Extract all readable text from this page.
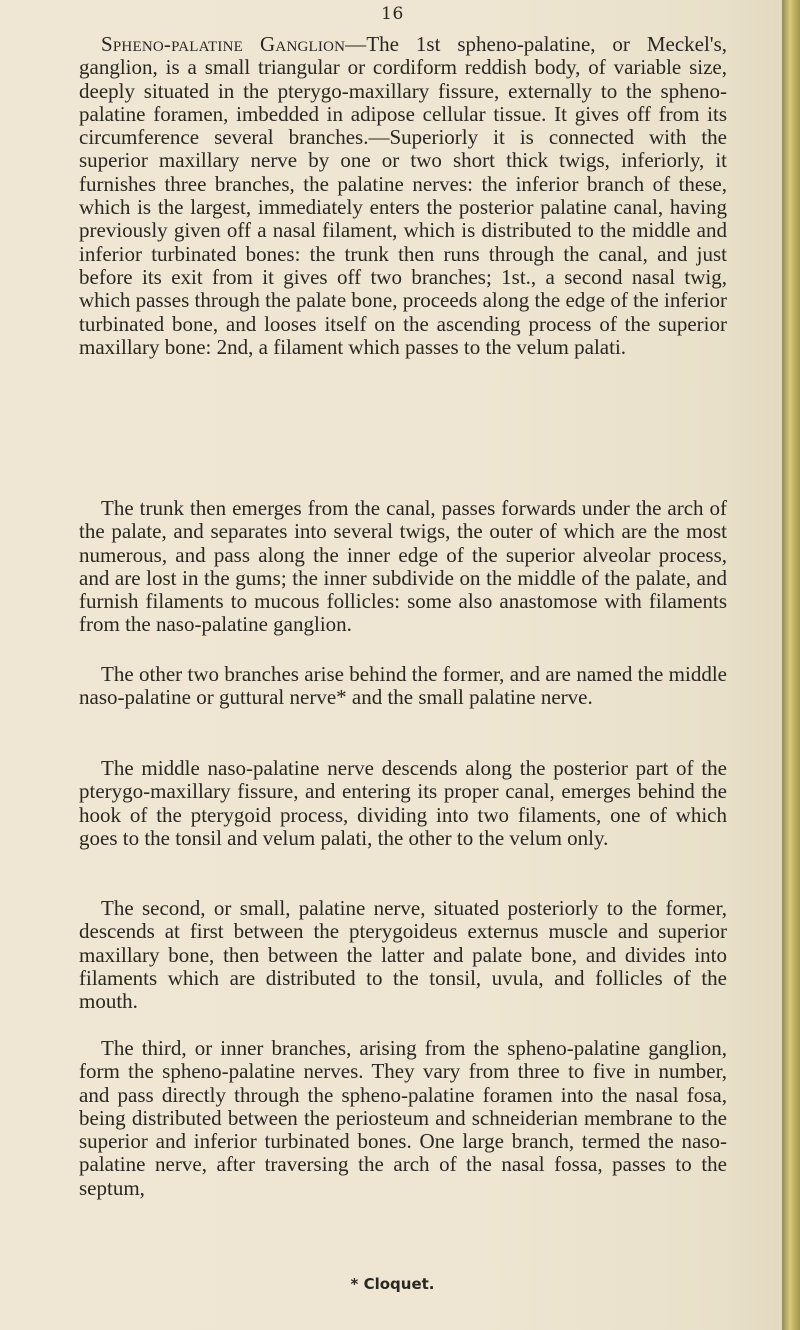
16

Spheno-palatine Ganglion—The 1st spheno-palatine, or Meckel's, ganglion, is a small triangular or cordiform reddish body, of variable size, deeply situated in the pterygo-maxillary fissure, externally to the spheno-palatine foramen, imbedded in adipose cellular tissue. It gives off from its circumference several branches.—Superiorly it is connected with the superior maxillary nerve by one or two short thick twigs, inferiorly, it furnishes three branches, the palatine nerves: the inferior branch of these, which is the largest, immediately enters the posterior palatine canal, having previously given off a nasal filament, which is distributed to the middle and inferior turbinated bones: the trunk then runs through the canal, and just before its exit from it gives off two branches; 1st., a second nasal twig, which passes through the palate bone, proceeds along the edge of the inferior turbinated bone, and looses itself on the ascending process of the superior maxillary bone: 2nd, a filament which passes to the velum palati.

The trunk then emerges from the canal, passes forwards under the arch of the palate, and separates into several twigs, the outer of which are the most numerous, and pass along the inner edge of the superior alveolar process, and are lost in the gums; the inner subdivide on the middle of the palate, and furnish filaments to mucous follicles: some also anastomose with filaments from the naso-palatine ganglion.

The other two branches arise behind the former, and are named the middle naso-palatine or guttural nerve* and the small palatine nerve.

The middle naso-palatine nerve descends along the posterior part of the pterygo-maxillary fissure, and entering its proper canal, emerges behind the hook of the pterygoid process, dividing into two filaments, one of which goes to the tonsil and velum palati, the other to the velum only.

The second, or small, palatine nerve, situated posteriorly to the former, descends at first between the pterygoideus externus muscle and superior maxillary bone, then between the latter and palate bone, and divides into filaments which are distributed to the tonsil, uvula, and follicles of the mouth.

The third, or inner branches, arising from the spheno-palatine ganglion, form the spheno-palatine nerves. They vary from three to five in number, and pass directly through the spheno-palatine foramen into the nasal fosa, being distributed between the periosteum and schneiderian membrane to the superior and inferior turbinated bones. One large branch, termed the naso-palatine nerve, after traversing the arch of the nasal fossa, passes to the septum,

* Cloquet.
